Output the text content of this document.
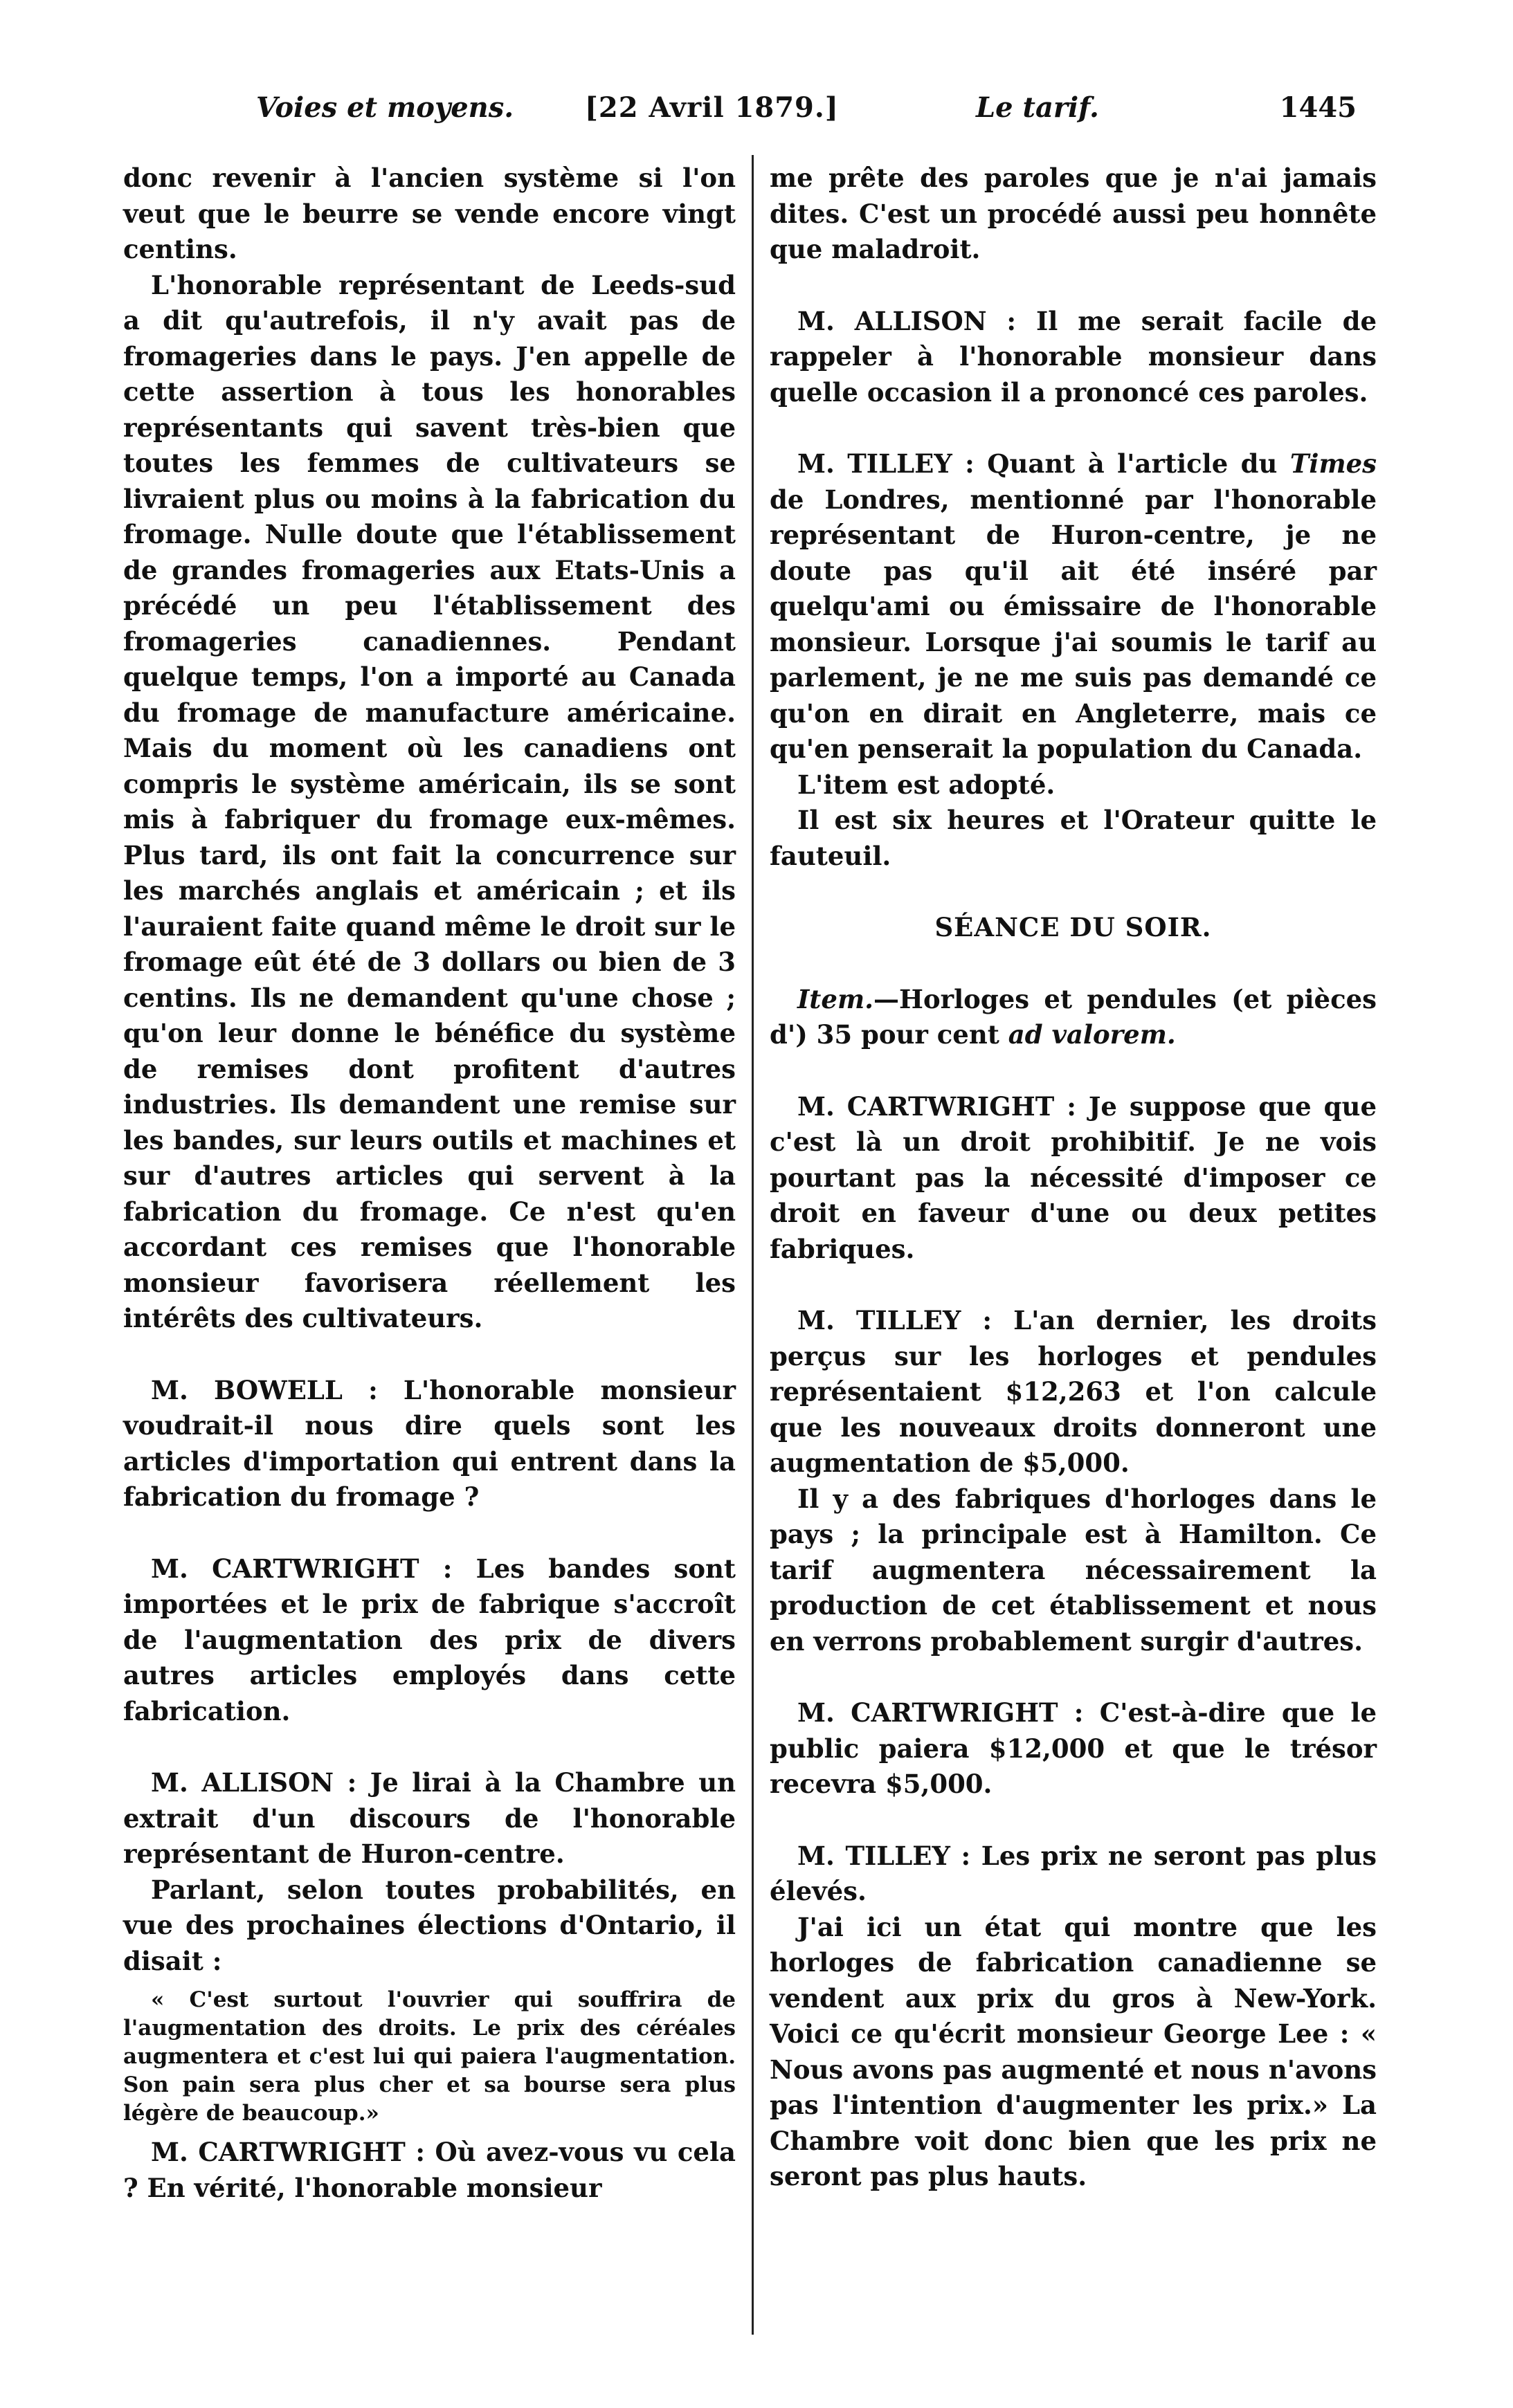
Voies et moyens.	[22 Avril 1879.]	Le tarif.	1445

donc revenir à l'ancien système si l'on veut que le beurre se vende encore vingt centins.

L'honorable représentant de Leeds-sud a dit qu'autrefois, il n'y avait pas de fromageries dans le pays. J'en appelle de cette assertion à tous les honorables représentants qui savent très-bien que toutes les femmes de cultivateurs se livraient plus ou moins à la fabrication du fromage. Nulle doute que l'établissement de grandes fromageries aux Etats-Unis a précédé un peu l'établissement des fromageries canadiennes. Pendant quelque temps, l'on a importé au Canada du fromage de manufacture américaine. Mais du moment où les canadiens ont compris le système américain, ils se sont mis à fabriquer du fromage eux-mêmes. Plus tard, ils ont fait la concurrence sur les marchés anglais et américain ; et ils l'auraient faite quand même le droit sur le fromage eût été de 3 dollars ou bien de 3 centins. Ils ne demandent qu'une chose ; qu'on leur donne le bénéfice du système de remises dont profitent d'autres industries. Ils demandent une remise sur les bandes, sur leurs outils et machines et sur d'autres articles qui servent à la fabrication du fromage. Ce n'est qu'en accordant ces remises que l'honorable monsieur favorisera réellement les intérêts des cultivateurs.

M. BOWELL : L'honorable monsieur voudrait-il nous dire quels sont les articles d'importation qui entrent dans la fabrication du fromage ?

M. CARTWRIGHT : Les bandes sont importées et le prix de fabrique s'accroît de l'augmentation des prix de divers autres articles employés dans cette fabrication.

M. ALLISON : Je lirai à la Chambre un extrait d'un discours de l'honorable représentant de Huron-centre.

Parlant, selon toutes probabilités, en vue des prochaines élections d'Ontario, il disait :

« C'est surtout l'ouvrier qui souffrira de l'augmentation des droits. Le prix des céréales augmentera et c'est lui qui paiera l'augmentation. Son pain sera plus cher et sa bourse sera plus légère de beaucoup.»

M. CARTWRIGHT : Où avez-vous vu cela ? En vérité, l'honorable monsieur

me prête des paroles que je n'ai jamais dites. C'est un procédé aussi peu honnête que maladroit.

M. ALLISON : Il me serait facile de rappeler à l'honorable monsieur dans quelle occasion il a prononcé ces paroles.

M. TILLEY : Quant à l'article du Times de Londres, mentionné par l'honorable représentant de Huron-centre, je ne doute pas qu'il ait été inséré par quelqu'ami ou émissaire de l'honorable monsieur. Lorsque j'ai soumis le tarif au parlement, je ne me suis pas demandé ce qu'on en dirait en Angleterre, mais ce qu'en penserait la population du Canada.

L'item est adopté.

Il est six heures et l'Orateur quitte le fauteuil.

SÉANCE DU SOIR.

Item.—Horloges et pendules (et pièces d') 35 pour cent ad valorem.

M. CARTWRIGHT : Je suppose que que c'est là un droit prohibitif. Je ne vois pourtant pas la nécessité d'imposer ce droit en faveur d'une ou deux petites fabriques.

M. TILLEY : L'an dernier, les droits perçus sur les horloges et pendules représentaient $12,263 et l'on calcule que les nouveaux droits donneront une augmentation de $5,000.

Il y a des fabriques d'horloges dans le pays ; la principale est à Hamilton. Ce tarif augmentera nécessairement la production de cet établissement et nous en verrons probablement surgir d'autres.

M. CARTWRIGHT : C'est-à-dire que le public paiera $12,000 et que le trésor recevra $5,000.

M. TILLEY : Les prix ne seront pas plus élevés.

J'ai ici un état qui montre que les horloges de fabrication canadienne se vendent aux prix du gros à New-York. Voici ce qu'écrit monsieur George Lee : « Nous avons pas augmenté et nous n'avons pas l'intention d'augmenter les prix.» La Chambre voit donc bien que les prix ne seront pas plus hauts.
